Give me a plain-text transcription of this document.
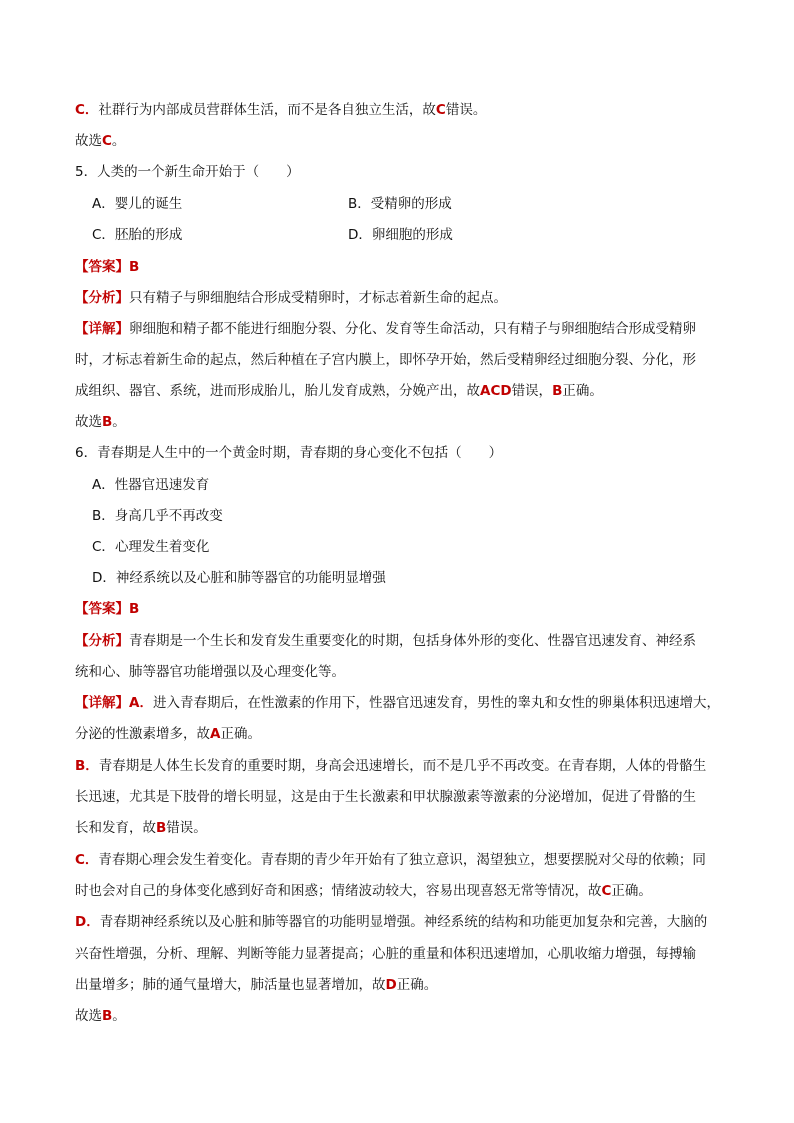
C．社群行为内部成员营群体生活，而不是各自独立生活，故C错误。
故选C。
5．人类的一个新生命开始于（　　）
A．婴儿的诞生	B．受精卵的形成
C．胚胎的形成	D．卵细胞的形成
【答案】B
【分析】只有精子与卵细胞结合形成受精卵时，才标志着新生命的起点。
【详解】卵细胞和精子都不能进行细胞分裂、分化、发育等生命活动，只有精子与卵细胞结合形成受精卵
时，才标志着新生命的起点，然后种植在子宫内膜上，即怀孕开始，然后受精卵经过细胞分裂、分化，形
成组织、器官、系统，进而形成胎儿，胎儿发育成熟，分娩产出，故ACD错误，B正确。
故选B。
6．青春期是人生中的一个黄金时期，青春期的身心变化不包括（　　）
A．性器官迅速发育
B．身高几乎不再改变
C．心理发生着变化
D．神经系统以及心脏和肺等器官的功能明显增强
【答案】B
【分析】青春期是一个生长和发育发生重要变化的时期，包括身体外形的变化、性器官迅速发育、神经系
统和心、肺等器官功能增强以及心理变化等。
【详解】A．进入青春期后，在性激素的作用下，性器官迅速发育，男性的睾丸和女性的卵巢体积迅速增大，
分泌的性激素增多，故A正确。
B．青春期是人体生长发育的重要时期，身高会迅速增长，而不是几乎不再改变。在青春期，人体的骨骼生
长迅速，尤其是下肢骨的增长明显，这是由于生长激素和甲状腺激素等激素的分泌增加，促进了骨骼的生
长和发育，故B错误。
C．青春期心理会发生着变化。青春期的青少年开始有了独立意识，渴望独立，想要摆脱对父母的依赖；同
时也会对自己的身体变化感到好奇和困惑；情绪波动较大，容易出现喜怒无常等情况，故C正确。
D．青春期神经系统以及心脏和肺等器官的功能明显增强。神经系统的结构和功能更加复杂和完善，大脑的
兴奋性增强，分析、理解、判断等能力显著提高；心脏的重量和体积迅速增加，心肌收缩力增强，每搏输
出量增多；肺的通气量增大，肺活量也显著增加，故D正确。
故选B。
